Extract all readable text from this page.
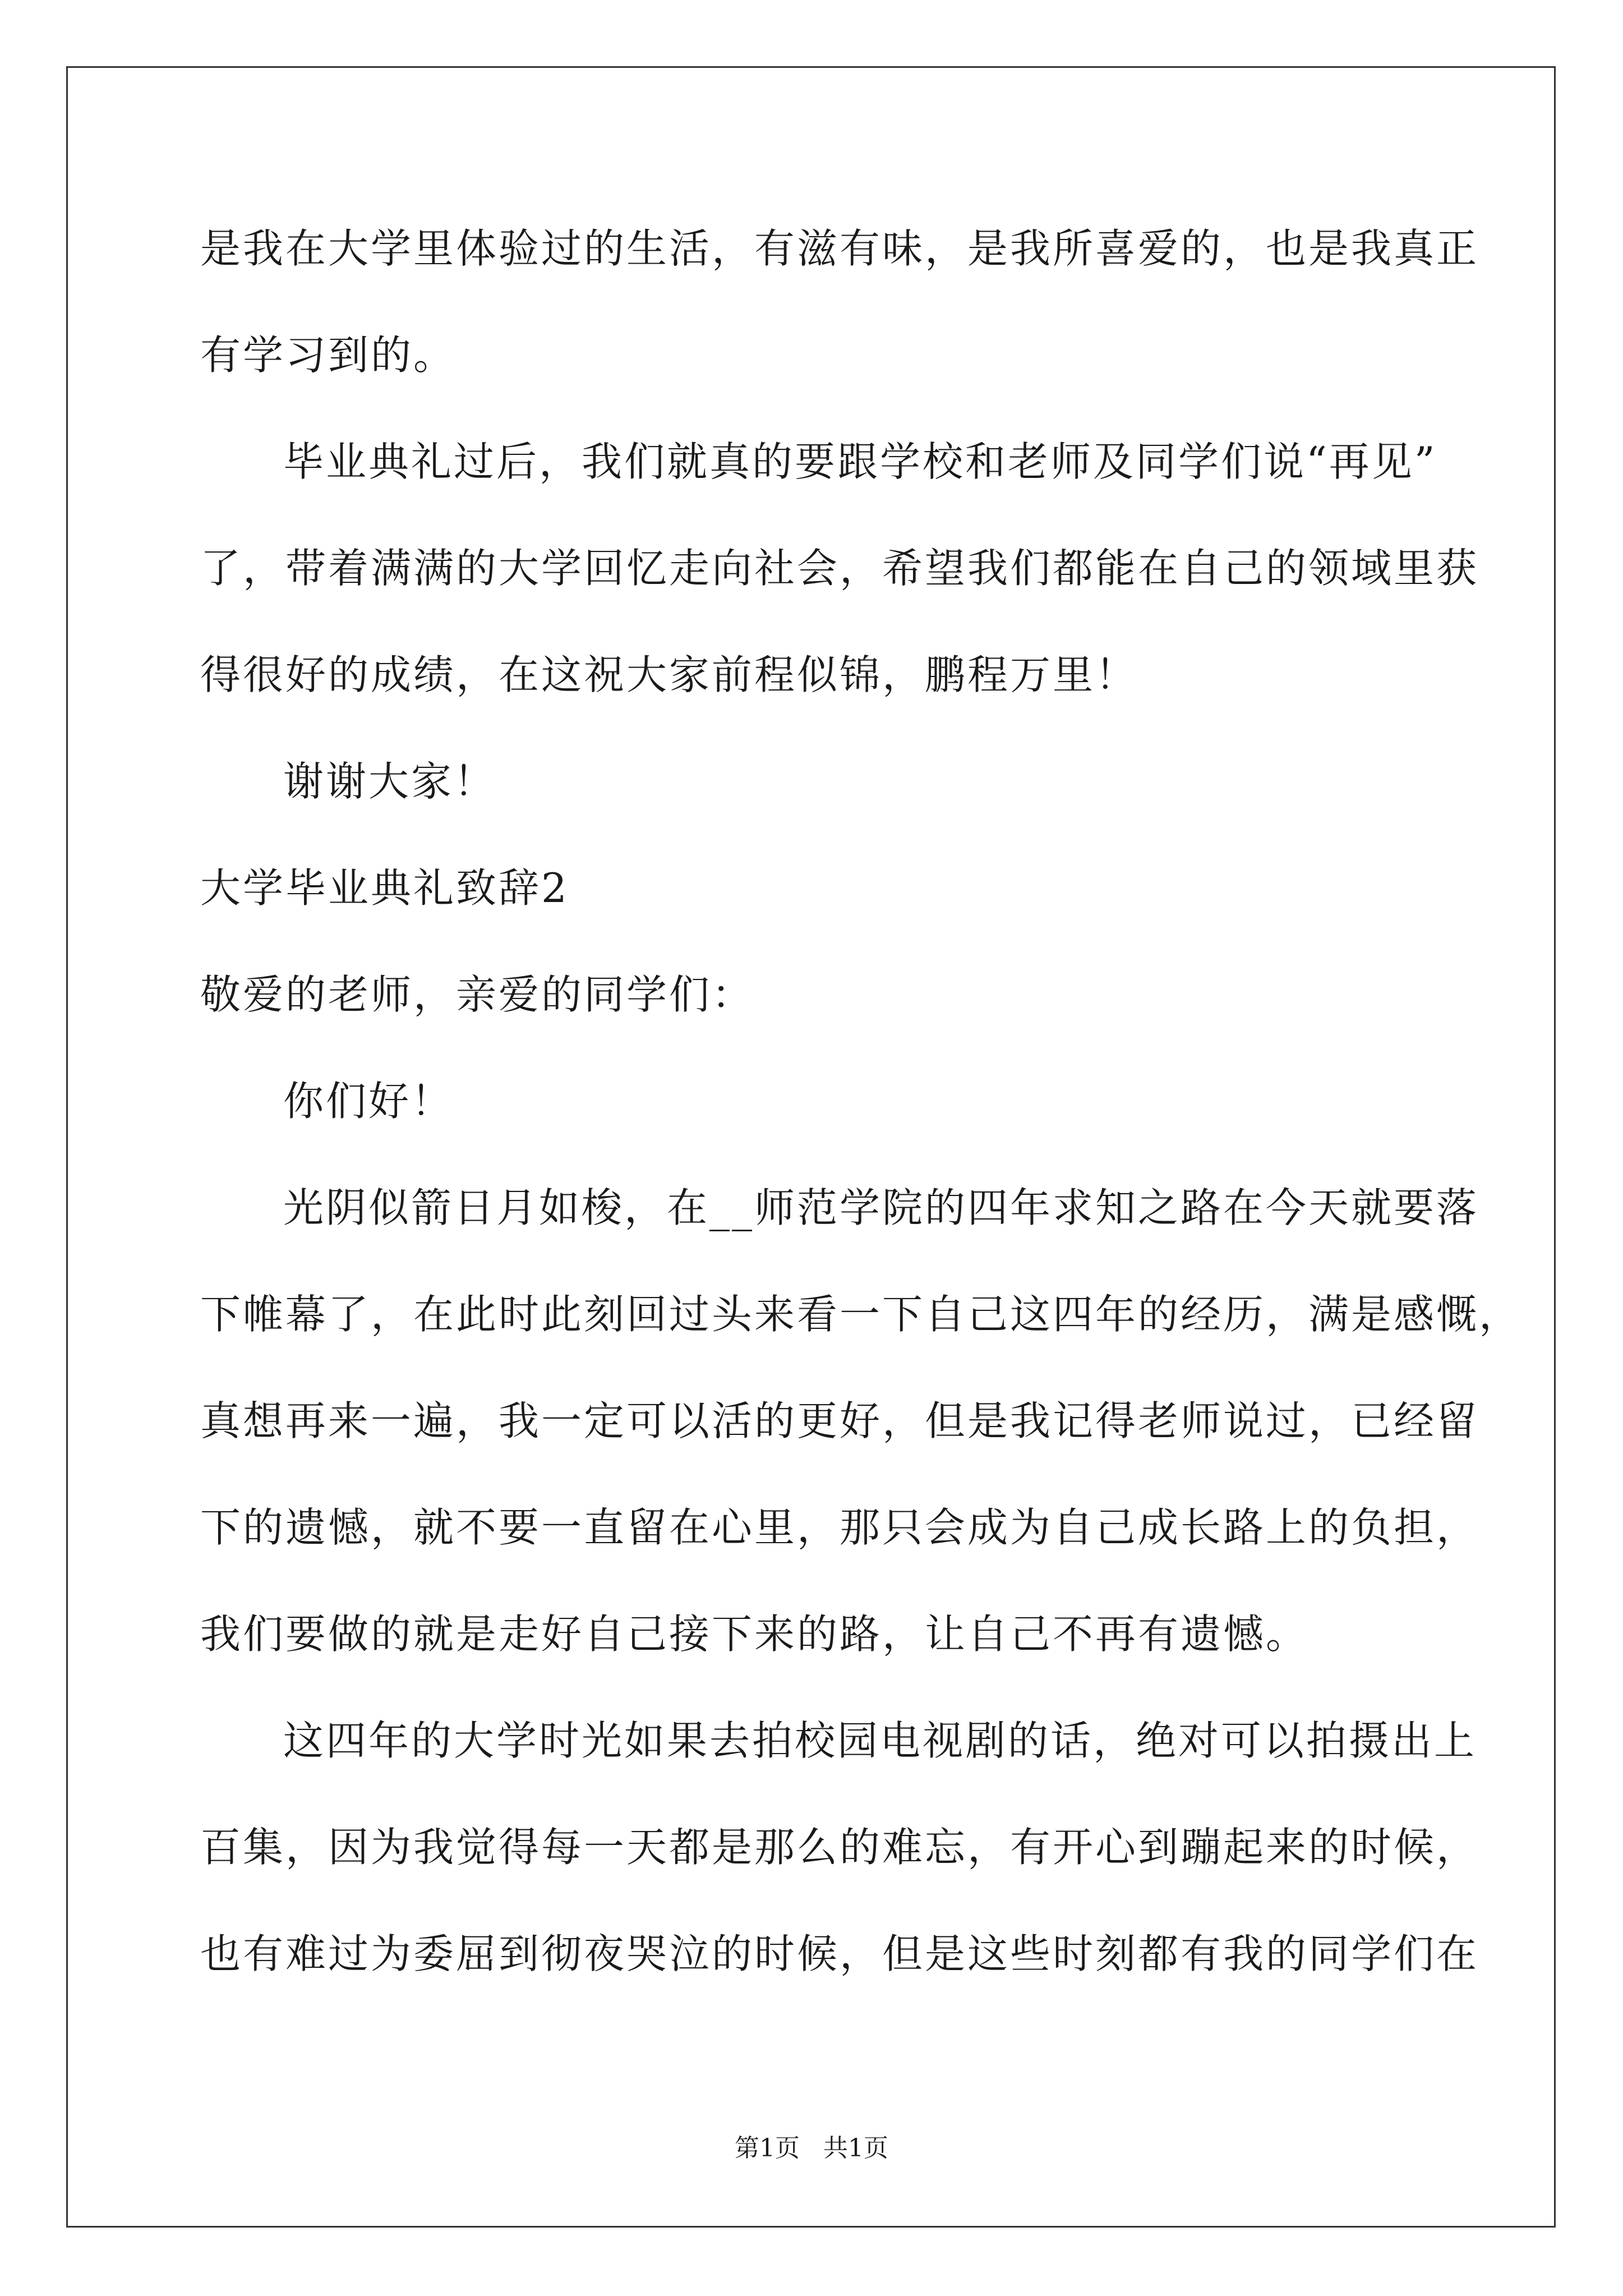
是我在大学里体验过的生活，有滋有味，是我所喜爱的，也是我真正
有学习到的。
毕业典礼过后，我们就真的要跟学校和老师及同学们说“再见”
了，带着满满的大学回忆走向社会，希望我们都能在自己的领域里获
得很好的成绩，在这祝大家前程似锦，鹏程万里！
谢谢大家！
大学毕业典礼致辞2
敬爱的老师，亲爱的同学们：
你们好！
光阴似箭日月如梭，在__师范学院的四年求知之路在今天就要落
下帷幕了，在此时此刻回过头来看一下自己这四年的经历，满是感慨，
真想再来一遍，我一定可以活的更好，但是我记得老师说过，已经留
下的遗憾，就不要一直留在心里，那只会成为自己成长路上的负担，
我们要做的就是走好自己接下来的路，让自己不再有遗憾。
这四年的大学时光如果去拍校园电视剧的话，绝对可以拍摄出上
百集，因为我觉得每一天都是那么的难忘，有开心到蹦起来的时候，
也有难过为委屈到彻夜哭泣的时候，但是这些时刻都有我的同学们在
第1页 共1页
